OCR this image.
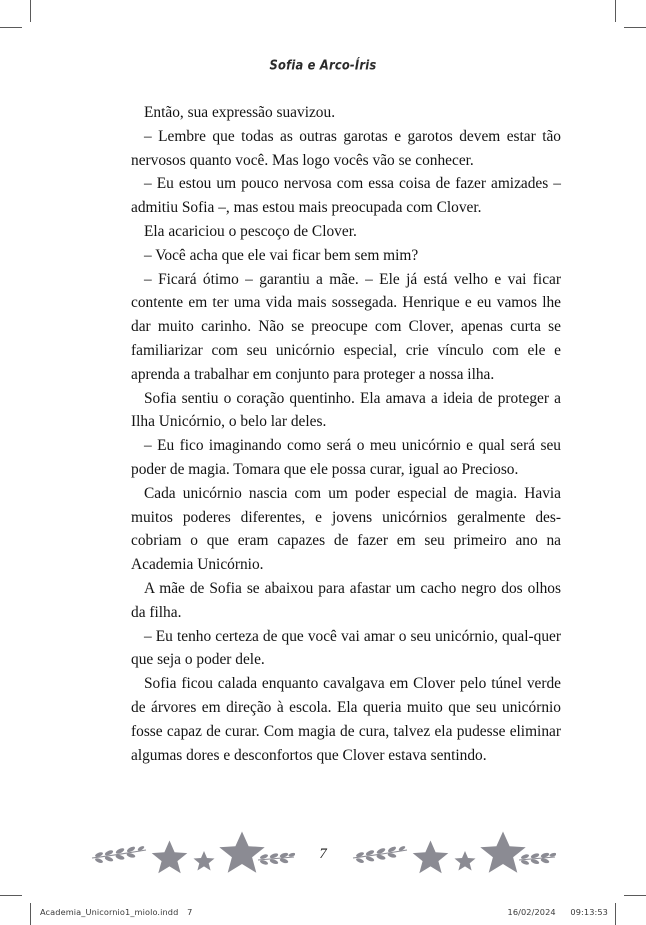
Sofia e Arco-Íris

Então, sua expressão suavizou.

– Lembre que todas as outras garotas e garotos devem estar tão nervosos quanto você. Mas logo vocês vão se conhecer.

– Eu estou um pouco nervosa com essa coisa de fazer amizades – admitiu Sofia –, mas estou mais preocupada com Clover.

Ela acariciou o pescoço de Clover.

– Você acha que ele vai ficar bem sem mim?

– Ficará ótimo – garantiu a mãe. – Ele já está velho e vai ficar contente em ter uma vida mais sossegada. Henrique e eu vamos lhe dar muito carinho. Não se preocupe com Clover, apenas curta se familiarizar com seu unicórnio especial, crie vínculo com ele e aprenda a trabalhar em conjunto para proteger a nossa ilha.

Sofia sentiu o coração quentinho. Ela amava a ideia de proteger a Ilha Unicórnio, o belo lar deles.

– Eu fico imaginando como será o meu unicórnio e qual será seu poder de magia. Tomara que ele possa curar, igual ao Precioso.

Cada unicórnio nascia com um poder especial de magia. Havia muitos poderes diferentes, e jovens unicórnios geralmente des-cobriam o que eram capazes de fazer em seu primeiro ano na Academia Unicórnio.

A mãe de Sofia se abaixou para afastar um cacho negro dos olhos da filha.

– Eu tenho certeza de que você vai amar o seu unicórnio, qual-quer que seja o poder dele.

Sofia ficou calada enquanto cavalgava em Clover pelo túnel verde de árvores em direção à escola. Ela queria muito que seu unicórnio fosse capaz de curar. Com magia de cura, talvez ela pudesse eliminar algumas dores e desconfortos que Clover estava sentindo.

7
Academia_Unicornio1_miolo.indd 7	16/02/2024 09:13:53
